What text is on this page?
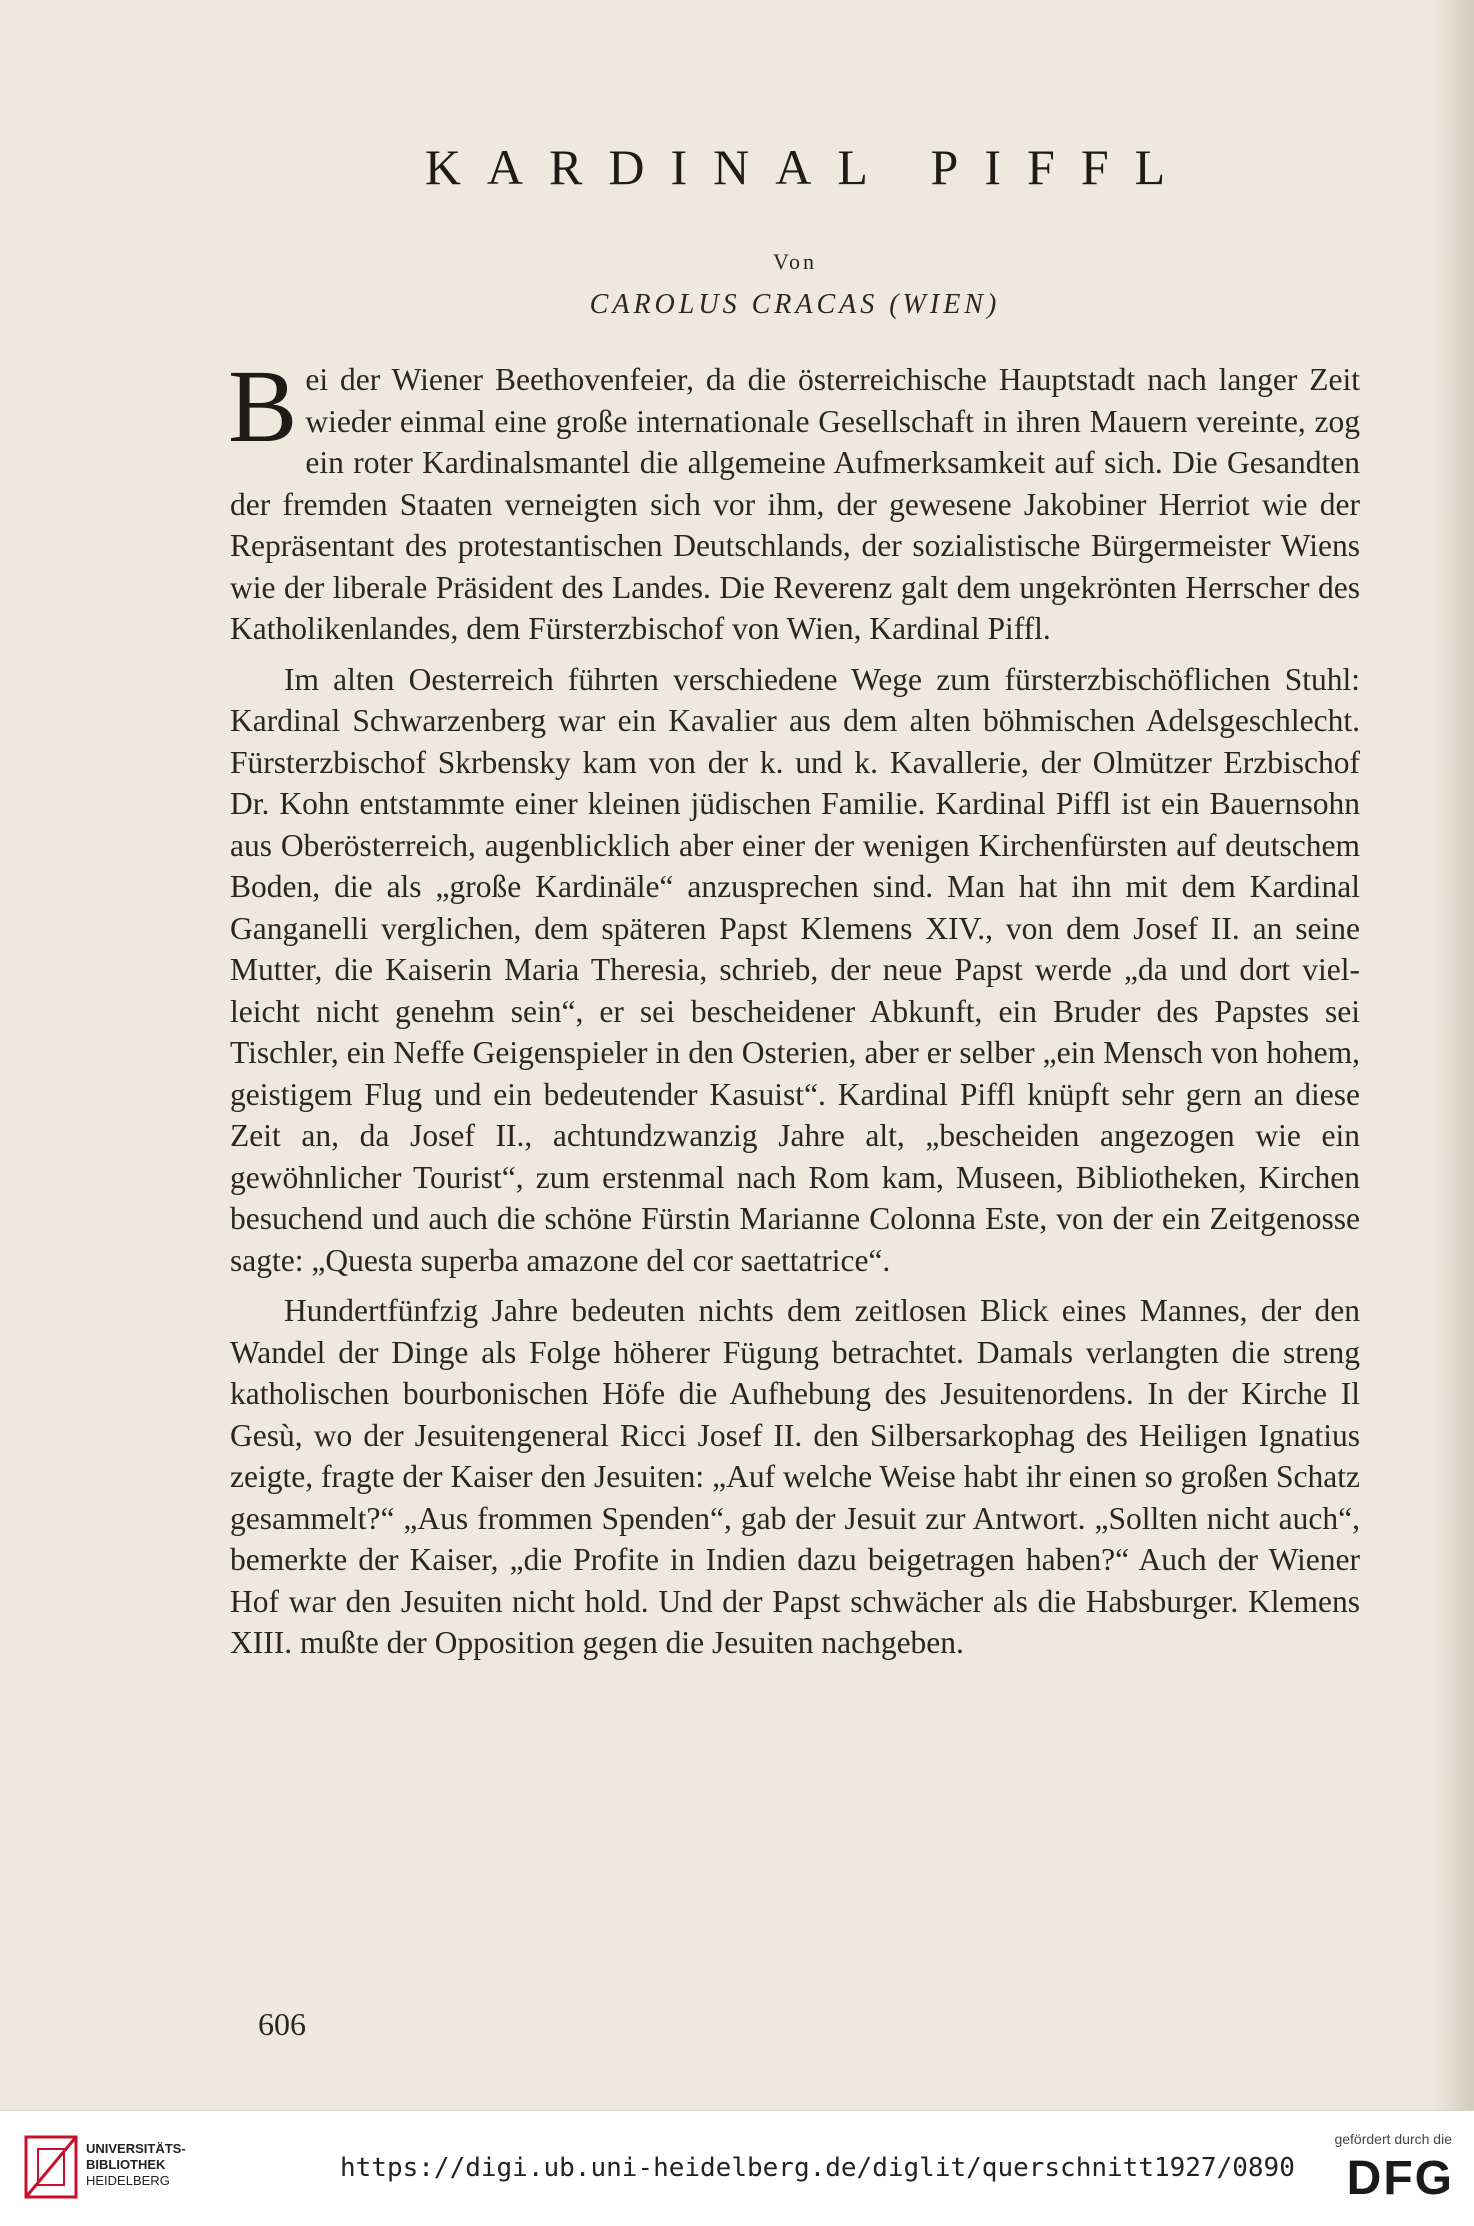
KARDINAL PIFFL
Von
CAROLUS CRACAS (WIEN)

Bei der Wiener Beethovenfeier, da die österreichische Hauptstadt nach langer Zeit wieder einmal eine große internationale Gesellschaft in ihren Mauern vereinte, zog ein roter Kardinalsmantel die allgemeine Aufmerksamkeit auf sich. Die Gesandten der fremden Staaten verneigten sich vor ihm, der gewesene Jakobiner Herriot wie der Repräsentant des protestantischen Deutschlands, der sozialistische Bürgermeister Wiens wie der liberale Präsident des Landes. Die Reverenz galt dem ungekrönten Herrscher des Katholikenlandes, dem Fürsterzbischof von Wien, Kardinal Piffl.

Im alten Oesterreich führten verschiedene Wege zum fürsterzbischöflichen Stuhl: Kardinal Schwarzenberg war ein Kavalier aus dem alten böhmischen Adelsgeschlecht. Fürsterzbischof Skrbensky kam von der k. und k. Kavallerie, der Olmützer Erzbischof Dr. Kohn entstammte einer kleinen jüdischen Familie. Kardinal Piffl ist ein Bauernsohn aus Oberösterreich, augenblicklich aber einer der wenigen Kirchenfürsten auf deutschem Boden, die als „große Kardinäle“ anzusprechen sind. Man hat ihn mit dem Kardinal Ganganelli verglichen, dem späteren Papst Klemens XIV., von dem Josef II. an seine Mutter, die Kaiserin Maria Theresia, schrieb, der neue Papst werde „da und dort vielleicht nicht genehm sein“, er sei bescheidener Abkunft, ein Bruder des Papstes sei Tischler, ein Neffe Geigenspieler in den Osterien, aber er selber „ein Mensch von hohem, geistigem Flug und ein bedeutender Kasuist“. Kardinal Piffl knüpft sehr gern an diese Zeit an, da Josef II., achtundzwanzig Jahre alt, „bescheiden angezogen wie ein gewöhnlicher Tourist“, zum erstenmal nach Rom kam, Museen, Bibliotheken, Kirchen besuchend und auch die schöne Fürstin Marianne Colonna Este, von der ein Zeitgenosse sagte: „Questa superba amazone del cor saettatrice“.

Hundertfünfzig Jahre bedeuten nichts dem zeitlosen Blick eines Mannes, der den Wandel der Dinge als Folge höherer Fügung betrachtet. Damals verlangten die streng katholischen bourbonischen Höfe die Aufhebung des Jesuitenordens. In der Kirche Il Gesù, wo der Jesuitengeneral Ricci Josef II. den Silbersarkophag des Heiligen Ignatius zeigte, fragte der Kaiser den Jesuiten: „Auf welche Weise habt ihr einen so großen Schatz gesammelt?“ „Aus frommen Spenden“, gab der Jesuit zur Antwort. „Sollten nicht auch“, bemerkte der Kaiser, „die Profite in Indien dazu beigetragen haben?“ Auch der Wiener Hof war den Jesuiten nicht hold. Und der Papst schwächer als die Habsburger. Klemens XIII. mußte der Opposition gegen die Jesuiten nachgeben.

606
UNIVERSITÄTS-
BIBLIOTHEK
HEIDELBERG	https://digi.ub.uni-heidelberg.de/diglit/querschnitt1927/0890
gefördert durch die
DFG
